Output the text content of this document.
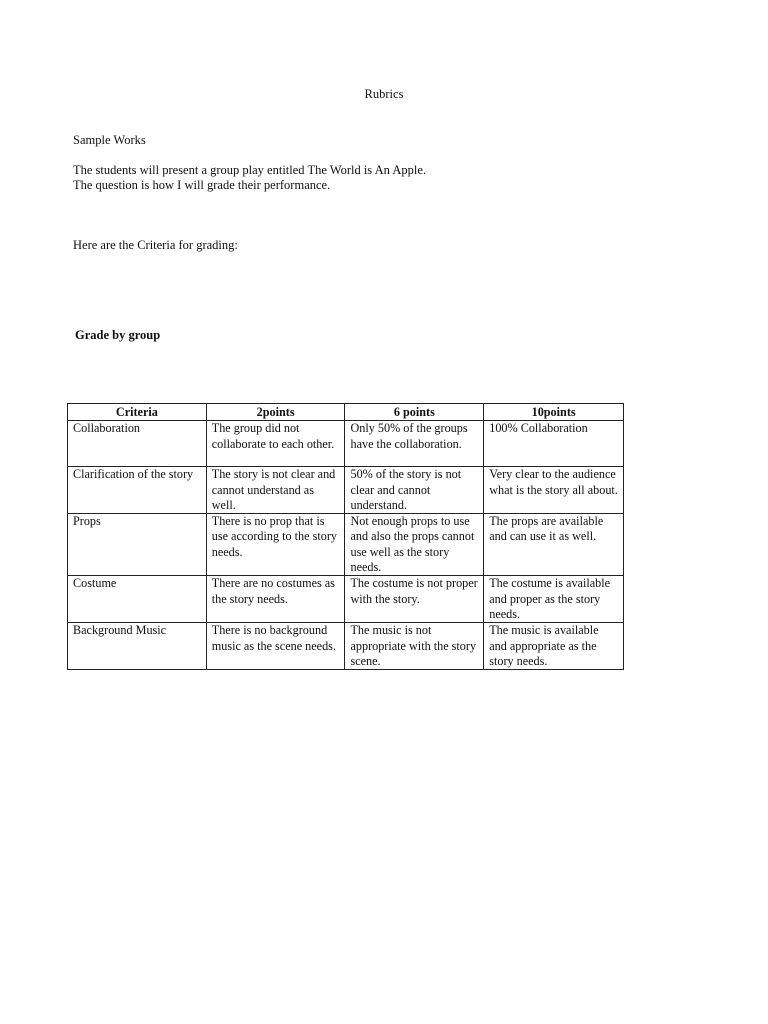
Rubrics
Sample Works
The students will present a group play entitled The World is An Apple.
The question is how I will grade their performance.
Here are the Criteria for grading:
Grade by group
Criteria	2points	6 points	10points
Collaboration	The group did not collaborate to each other.	Only 50% of the groups have the collaboration.	100% Collaboration
Clarification of the story	The story is not clear and cannot understand as well.	50% of the story is not clear and cannot understand.	Very clear to the audience what is the story all about.
Props	There is no prop that is use according to the story needs.	Not enough props to use and also the props cannot use well as the story needs.	The props are available and can use it as well.
Costume	There are no costumes as the story needs.	The costume is not proper with the story.	The costume is available and proper as the story needs.
Background Music	There is no background music as the scene needs.	The music is not appropriate with the story scene.	The music is available and appropriate as the story needs.
